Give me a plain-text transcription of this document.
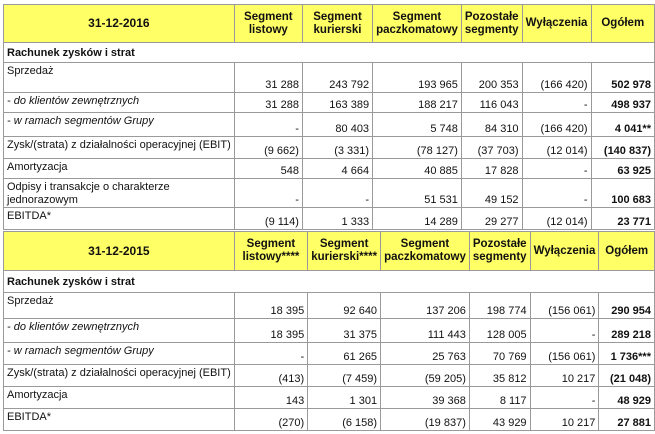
31-12-2016	Segment listowy	Segment kurierski	Segment paczkomatowy	Pozostałe segmenty	Wyłączenia	Ogółem
Rachunek zysków i strat						
Sprzedaż	31 288	243 792	193 965	200 353	(166 420)	502 978
- do klientów zewnętrznych	31 288	163 389	188 217	116 043	-	498 937
- w ramach segmentów Grupy	-	80 403	5 748	84 310	(166 420)	4 041**
Zysk/(strata) z działalności operacyjnej (EBIT)	(9 662)	(3 331)	(78 127)	(37 703)	(12 014)	(140 837)
Amortyzacja	548	4 664	40 885	17 828	-	63 925
Odpisy i transakcje o charakterze jednorazowym	-	-	51 531	49 152	-	100 683
EBITDA*	(9 114)	1 333	14 289	29 277	(12 014)	23 771
31-12-2015	Segment listowy****	Segment kurierski****	Segment paczkomatowy	Pozostałe segmenty	Wyłączenia	Ogółem
Rachunek zysków i strat						
Sprzedaż	18 395	92 640	137 206	198 774	(156 061)	290 954
- do klientów zewnętrznych	18 395	31 375	111 443	128 005	-	289 218
- w ramach segmentów Grupy	-	61 265	25 763	70 769	(156 061)	1 736***
Zysk/(strata) z działalności operacyjnej (EBIT)	(413)	(7 459)	(59 205)	35 812	10 217	(21 048)
Amortyzacja	143	1 301	39 368	8 117	-	48 929
EBITDA*	(270)	(6 158)	(19 837)	43 929	10 217	27 881
